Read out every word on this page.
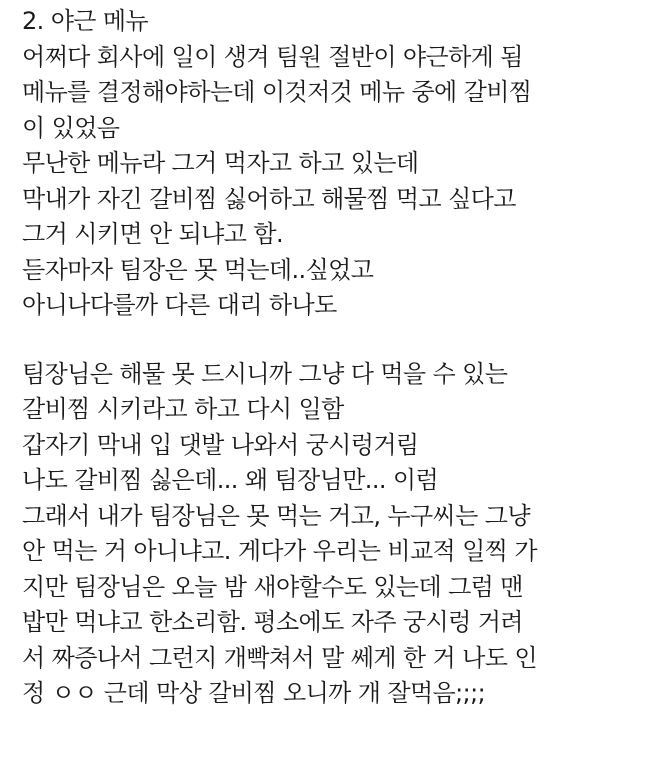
2. 야근 메뉴
어쩌다 회사에 일이 생겨 팀원 절반이 야근하게 됨
메뉴를 결정해야하는데 이것저것 메뉴 중에 갈비찜
이 있었음
무난한 메뉴라 그거 먹자고 하고 있는데
막내가 자긴 갈비찜 싫어하고 해물찜 먹고 싶다고
그거 시키면 안 되냐고 함.
듣자마자 팀장은 못 먹는데..싶었고
아니나다를까 다른 대리 하나도
팀장님은 해물 못 드시니까 그냥 다 먹을 수 있는
갈비찜 시키라고 하고 다시 일함
갑자기 막내 입 댓발 나와서 궁시렁거림
나도 갈비찜 싫은데... 왜 팀장님만... 이럼
그래서 내가 팀장님은 못 먹는 거고, 누구씨는 그냥
안 먹는 거 아니냐고. 게다가 우리는 비교적 일찍 가
지만 팀장님은 오늘 밤 새야할수도 있는데 그럼 맨
밥만 먹냐고 한소리함. 평소에도 자주 궁시렁 거려
서 짜증나서 그런지 개빡쳐서 말 쎄게 한 거 나도 인
정 ㅇㅇ 근데 막상 갈비찜 오니까 개 잘먹음;;;;
